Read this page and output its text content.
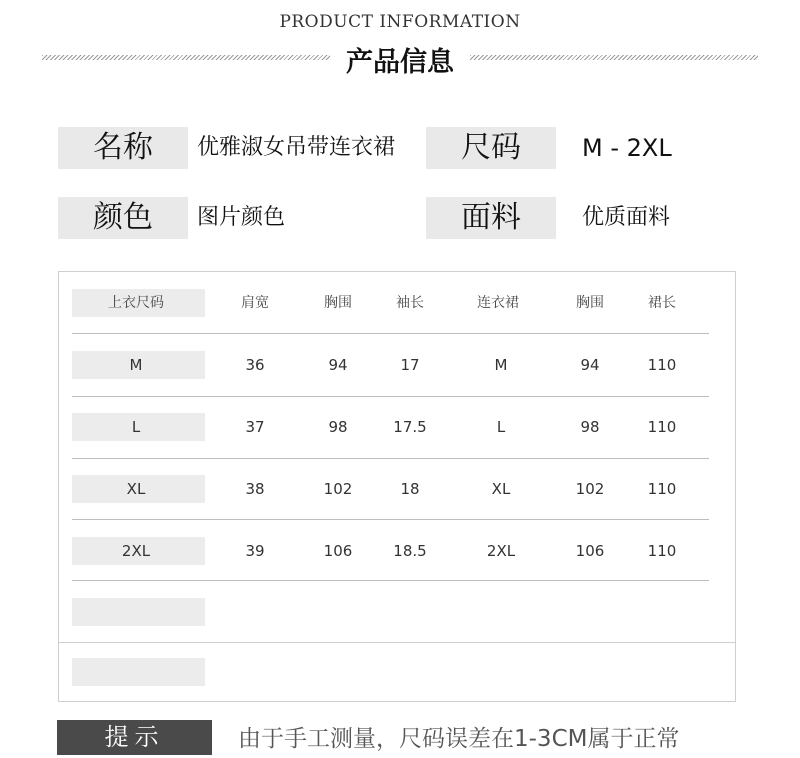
PRODUCT INFORMATION
产品信息
名称	优雅淑女吊带连衣裙	尺码	M - 2XL
颜色	图片颜色	面料	优质面料
上衣尺码	肩宽	胸围	袖长	连衣裙	胸围	裙长
M	36	94	17	M	94	110
L	37	98	17.5	L	98	110
XL	38	102	18	XL	102	110
2XL	39	106	18.5	2XL	106	110
提示	由于手工测量，尺码误差在1-3CM属于正常
